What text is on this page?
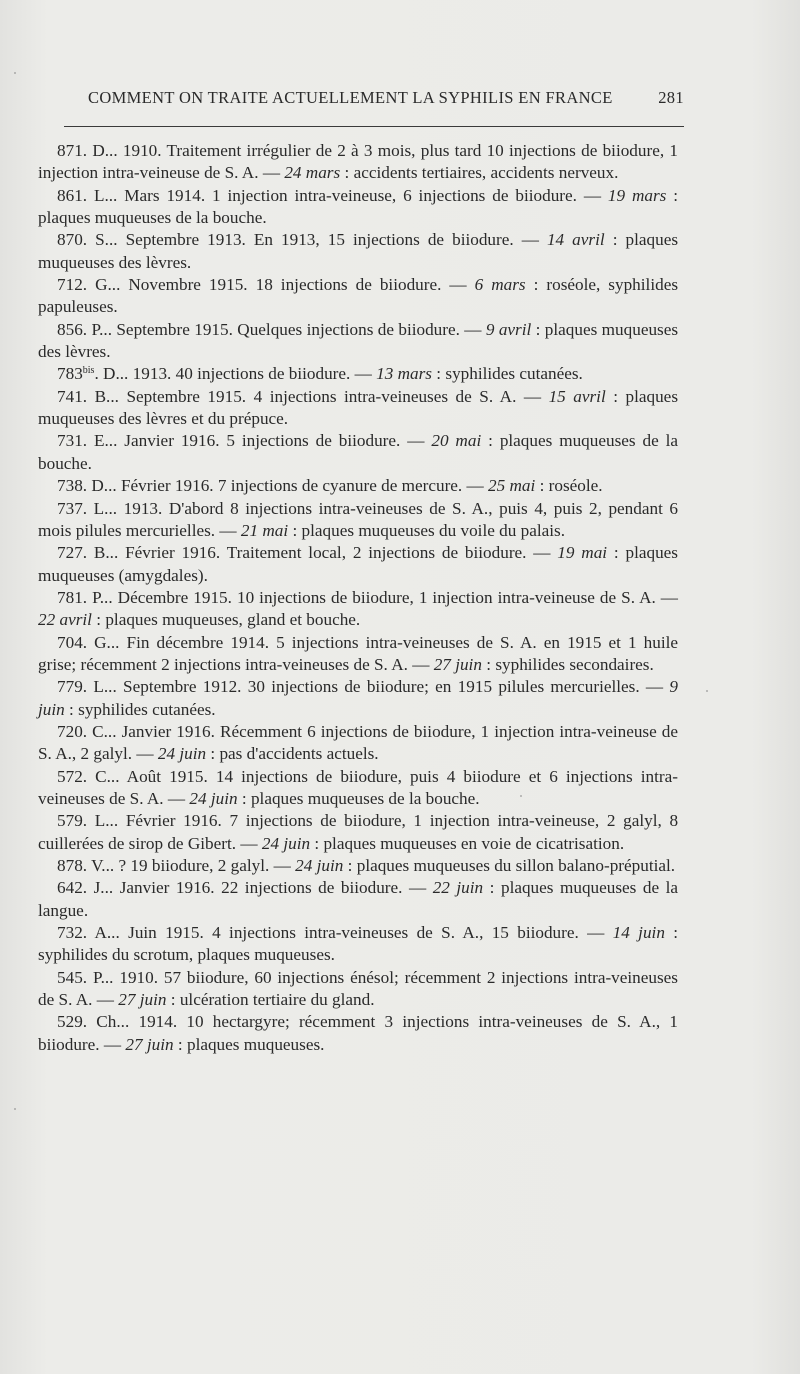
COMMENT ON TRAITE ACTUELLEMENT LA SYPHILIS EN FRANCE	281

871. D... 1910. Traitement irrégulier de 2 à 3 mois, plus tard 10 injections de biiodure, 1 injection intra-veineuse de S. A. — 24 mars : accidents tertiaires, accidents nerveux.

861. L... Mars 1914. 1 injection intra-veineuse, 6 injections de biiodure. — 19 mars : plaques muqueuses de la bouche.

870. S... Septembre 1913. En 1913, 15 injections de biiodure. — 14 avril : plaques muqueuses des lèvres.

712. G... Novembre 1915. 18 injections de biiodure. — 6 mars : roséole, syphilides papuleuses.

856. P... Septembre 1915. Quelques injections de biiodure. — 9 avril : plaques muqueuses des lèvres.

$783^{bis}$. D... 1913. 40 injections de biiodure. — 13 mars : syphilides cutanées.

741. B... Septembre 1915. 4 injections intra-veineuses de S. A. — 15 avril : plaques muqueuses des lèvres et du prépuce.

731. E... Janvier 1916. 5 injections de biiodure. — 20 mai : plaques muqueuses de la bouche.

738. D... Février 1916. 7 injections de cyanure de mercure. — 25 mai : roséole.

737. L... 1913. D'abord 8 injections intra-veineuses de S. A., puis 4, puis 2, pendant 6 mois pilules mercurielles. — 21 mai : plaques muqueuses du voile du palais.

727. B... Février 1916. Traitement local, 2 injections de biiodure. — 19 mai : plaques muqueuses (amygdales).

781. P... Décembre 1915. 10 injections de biiodure, 1 injection intra-veineuse de S. A. — 22 avril : plaques muqueuses, gland et bouche.

704. G... Fin décembre 1914. 5 injections intra-veineuses de S. A. en 1915 et 1 huile grise; récemment 2 injections intra-veineuses de S. A. — 27 juin : syphilides secondaires.

779. L... Septembre 1912. 30 injections de biiodure; en 1915 pilules mercurielles. — 9 juin : syphilides cutanées.

720. C... Janvier 1916. Récemment 6 injections de biiodure, 1 injection intra-veineuse de S. A., 2 galyl. — 24 juin : pas d'accidents actuels.

572. C... Août 1915. 14 injections de biiodure, puis 4 biiodure et 6 injections intra-veineuses de S. A. — 24 juin : plaques muqueuses de la bouche.

579. L... Février 1916. 7 injections de biiodure, 1 injection intra-veineuse, 2 galyl, 8 cuillerées de sirop de Gibert. — 24 juin : plaques muqueuses en voie de cicatrisation.

878. V... ? 19 biiodure, 2 galyl. — 24 juin : plaques muqueuses du sillon balano-préputial.

642. J... Janvier 1916. 22 injections de biiodure. — 22 juin : plaques muqueuses de la langue.

732. A... Juin 1915. 4 injections intra-veineuses de S. A., 15 biiodure. — 14 juin : syphilides du scrotum, plaques muqueuses.

545. P... 1910. 57 biiodure, 60 injections énésol; récemment 2 injections intra-veineuses de S. A. — 27 juin : ulcération tertiaire du gland.

529. Ch... 1914. 10 hectargyre; récemment 3 injections intra-veineuses de S. A., 1 biiodure. — 27 juin : plaques muqueuses.
